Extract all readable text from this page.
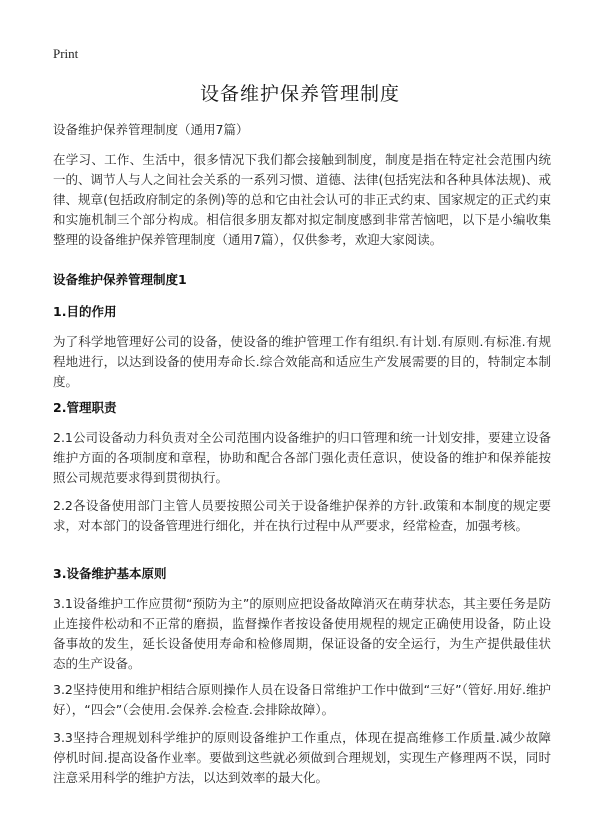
Print
设备维护保养管理制度

设备维护保养管理制度（通用7篇）

在学习、工作、生活中，很多情况下我们都会接触到制度，制度是指在特定社会范围内统一的、调节人与人之间社会关系的一系列习惯、道德、法律(包括宪法和各种具体法规)、戒律、规章(包括政府制定的条例)等的总和它由社会认可的非正式约束、国家规定的正式约束和实施机制三个部分构成。相信很多朋友都对拟定制度感到非常苦恼吧，以下是小编收集整理的设备维护保养管理制度（通用7篇），仅供参考，欢迎大家阅读。

设备维护保养管理制度1

1.目的作用

为了科学地管理好公司的设备，使设备的维护管理工作有组织.有计划.有原则.有标准.有规程地进行，以达到设备的使用寿命长.综合效能高和适应生产发展需要的目的，特制定本制度。

2.管理职责

2.1公司设备动力科负责对全公司范围内设备维护的归口管理和统一计划安排，要建立设备维护方面的各项制度和章程，协助和配合各部门强化责任意识，使设备的维护和保养能按照公司规范要求得到贯彻执行。

2.2各设备使用部门主管人员要按照公司关于设备维护保养的方针.政策和本制度的规定要求，对本部门的设备管理进行细化，并在执行过程中从严要求，经常检查，加强考核。

3.设备维护基本原则

3.1设备维护工作应贯彻“预防为主”的原则应把设备故障消灭在萌芽状态，其主要任务是防止连接件松动和不正常的磨损，监督操作者按设备使用规程的规定正确使用设备，防止设备事故的发生，延长设备使用寿命和检修周期，保证设备的安全运行，为生产提供最佳状态的生产设备。

3.2坚持使用和维护相结合原则操作人员在设备日常维护工作中做到“三好”（管好.用好.维护好），“四会”（会使用.会保养.会检查.会排除故障）。

3.3坚持合理规划科学维护的原则设备维护工作重点，体现在提高维修工作质量.减少故障停机时间.提高设备作业率。要做到这些就必须做到合理规划，实现生产修理两不误，同时注意采用科学的维护方法，以达到效率的最大化。
